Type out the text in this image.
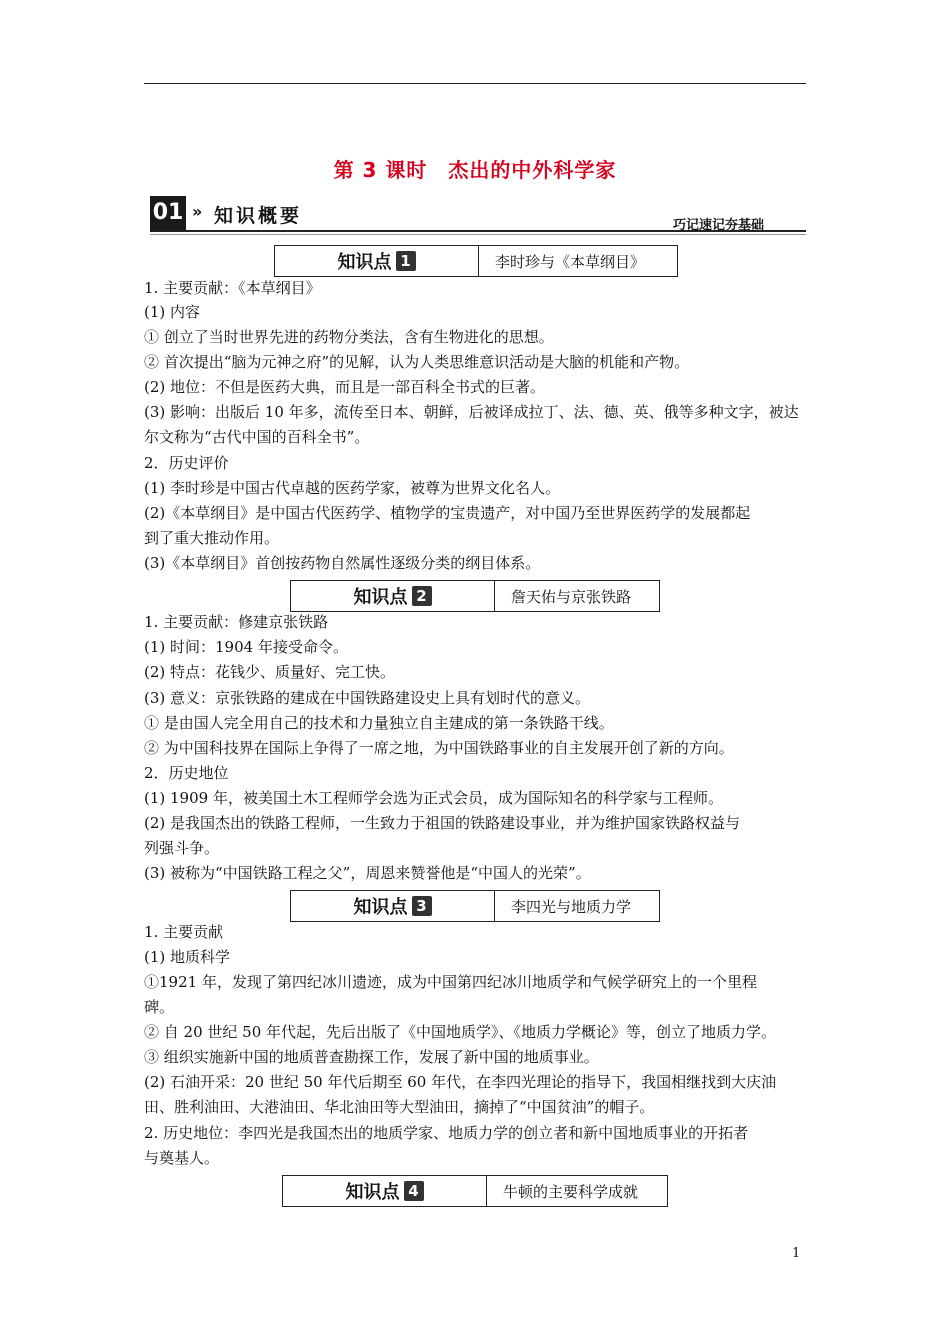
第 3 课时　杰出的中外科学家
01 » 知识概要	巧记速记夯基础
知识点 1	李时珍与《本草纲目》
1. 主要贡献：《本草纲目》
(1) 内容
① 创立了当时世界先进的药物分类法，含有生物进化的思想。
② 首次提出“脑为元神之府”的见解，认为人类思维意识活动是大脑的机能和产物。
(2) 地位：不但是医药大典，而且是一部百科全书式的巨著。
(3) 影响：出版后 10 年多，流传至日本、朝鲜，后被译成拉丁、法、德、英、俄等多种文字，被达
尔文称为“古代中国的百科全书”。
2．历史评价
(1) 李时珍是中国古代卓越的医药学家，被尊为世界文化名人。
(2)《本草纲目》是中国古代医药学、植物学的宝贵遗产，对中国乃至世界医药学的发展都起
到了重大推动作用。
(3)《本草纲目》首创按药物自然属性逐级分类的纲目体系。
知识点 2	詹天佑与京张铁路
1. 主要贡献：修建京张铁路
(1) 时间：1904 年接受命令。
(2) 特点：花钱少、质量好、完工快。
(3) 意义：京张铁路的建成在中国铁路建设史上具有划时代的意义。
① 是由国人完全用自己的技术和力量独立自主建成的第一条铁路干线。
② 为中国科技界在国际上争得了一席之地，为中国铁路事业的自主发展开创了新的方向。
2．历史地位
(1) 1909 年，被美国土木工程师学会选为正式会员，成为国际知名的科学家与工程师。
(2) 是我国杰出的铁路工程师，一生致力于祖国的铁路建设事业，并为维护国家铁路权益与
列强斗争。
(3) 被称为“中国铁路工程之父”，周恩来赞誉他是“中国人的光荣”。
知识点 3	李四光与地质力学
1. 主要贡献
(1) 地质科学
①1921 年，发现了第四纪冰川遗迹，成为中国第四纪冰川地质学和气候学研究上的一个里程
碑。
② 自 20 世纪 50 年代起，先后出版了《中国地质学》、《地质力学概论》等，创立了地质力学。
③ 组织实施新中国的地质普查勘探工作，发展了新中国的地质事业。
(2) 石油开采：20 世纪 50 年代后期至 60 年代，在李四光理论的指导下，我国相继找到大庆油
田、胜利油田、大港油田、华北油田等大型油田，摘掉了“中国贫油”的帽子。
2. 历史地位：李四光是我国杰出的地质学家、地质力学的创立者和新中国地质事业的开拓者
与奠基人。
知识点 4	牛顿的主要科学成就
1
